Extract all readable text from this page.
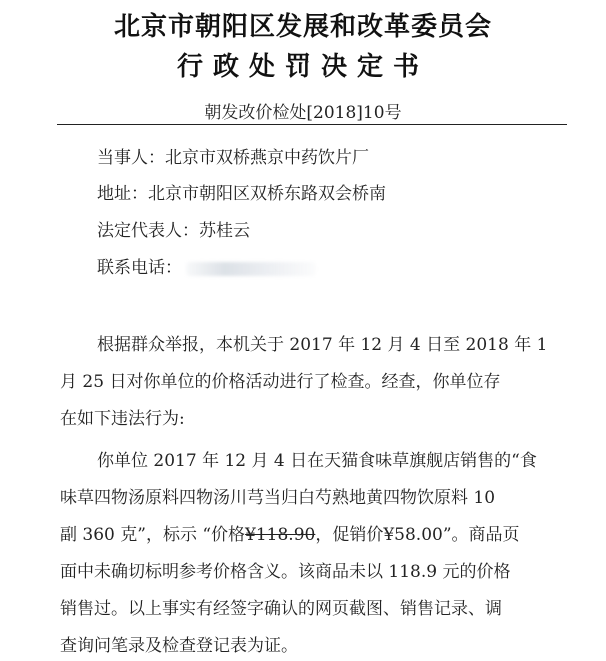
北京市朝阳区发展和改革委员会
行政处罚决定书
朝发改价检处[2018]10号
当事人：北京市双桥燕京中药饮片厂
地址：北京市朝阳区双桥东路双会桥南
法定代表人：苏桂云
联系电话：
根据群众举报，本机关于 2017 年 12 月 4 日至 2018 年 1
月 25 日对你单位的价格活动进行了检查。经查，你单位存
在如下违法行为:
你单位 2017 年 12 月 4 日在天猫食味草旗舰店销售的“食
味草四物汤原料四物汤川芎当归白芍熟地黄四物饮原料 10
副 360 克”，标示 “价格¥118.90，促销价¥58.00”。商品页
面中未确切标明参考价格含义。该商品未以 118.9 元的价格
销售过。以上事实有经签字确认的网页截图、销售记录、调
查询问笔录及检查登记表为证。
